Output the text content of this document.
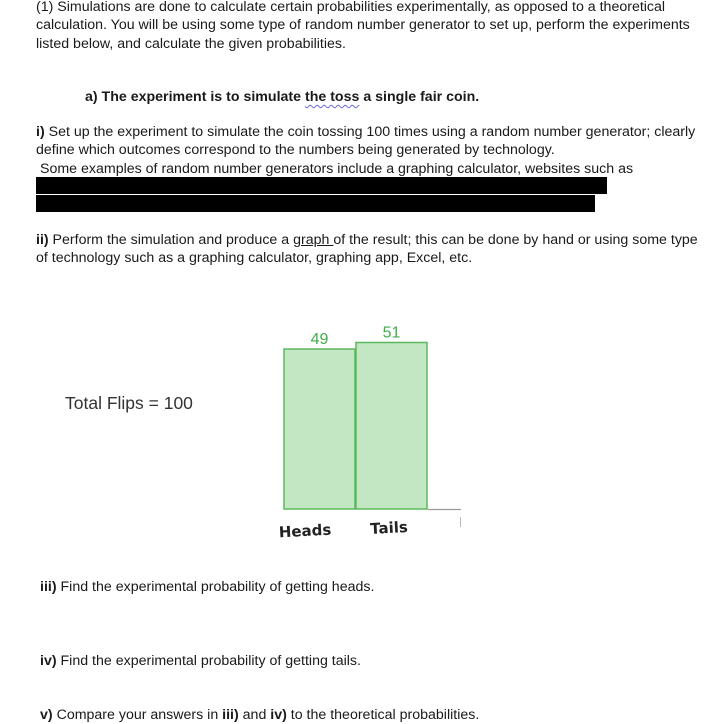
(1) Simulations are done to calculate certain probabilities experimentally, as opposed to a theoretical calculation. You will be using some type of random number generator to set up, perform the experiments listed below, and calculate the given probabilities.
a) The experiment is to simulate the toss a single fair coin.
i) Set up the experiment to simulate the coin tossing 100 times using a random number generator; clearly define which outcomes correspond to the numbers being generated by technology.
Some examples of random number generators include a graphing calculator, websites such as
ii) Perform the simulation and produce a graph of the result; this can be done by hand or using some type of technology such as a graphing calculator, graphing app, Excel, etc.
Total Flips = 100
49	51
Heads	Tails
iii) Find the experimental probability of getting heads.
iv) Find the experimental probability of getting tails.
v) Compare your answers in iii) and iv) to the theoretical probabilities.
